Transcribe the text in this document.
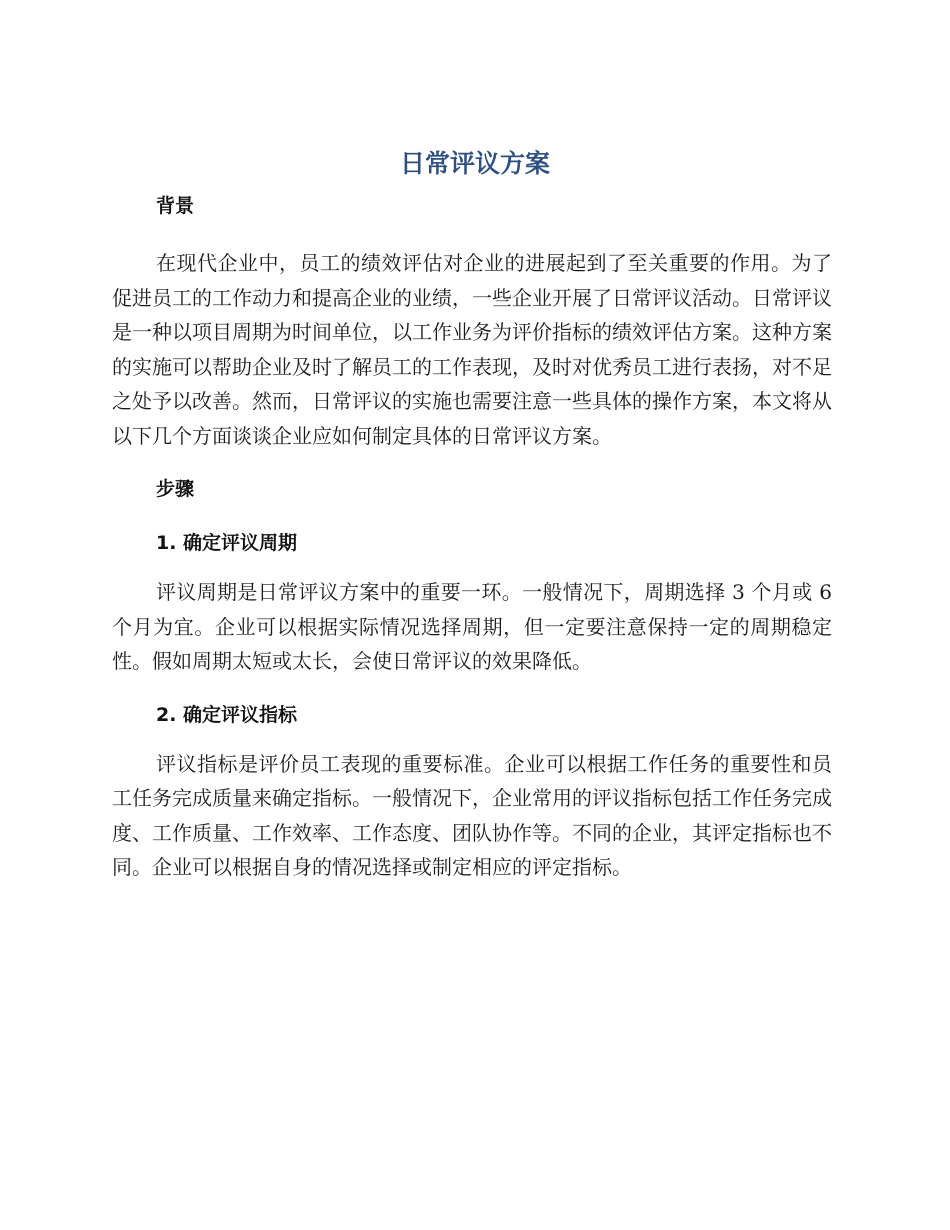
日常评议方案
背景

在现代企业中，员工的绩效评估对企业的进展起到了至关重要的作用。为了促进员工的工作动力和提高企业的业绩，一些企业开展了日常评议活动。日常评议是一种以项目周期为时间单位，以工作业务为评价指标的绩效评估方案。这种方案的实施可以帮助企业及时了解员工的工作表现，及时对优秀员工进行表扬，对不足之处予以改善。然而，日常评议的实施也需要注意一些具体的操作方案，本文将从以下几个方面谈谈企业应如何制定具体的日常评议方案。

步骤
1. 确定评议周期

评议周期是日常评议方案中的重要一环。一般情况下，周期选择 3 个月或 6 个月为宜。企业可以根据实际情况选择周期，但一定要注意保持一定的周期稳定性。假如周期太短或太长，会使日常评议的效果降低。

2. 确定评议指标

评议指标是评价员工表现的重要标准。企业可以根据工作任务的重要性和员工任务完成质量来确定指标。一般情况下，企业常用的评议指标包括工作任务完成度、工作质量、工作效率、工作态度、团队协作等。不同的企业，其评定指标也不同。企业可以根据自身的情况选择或制定相应的评定指标。
